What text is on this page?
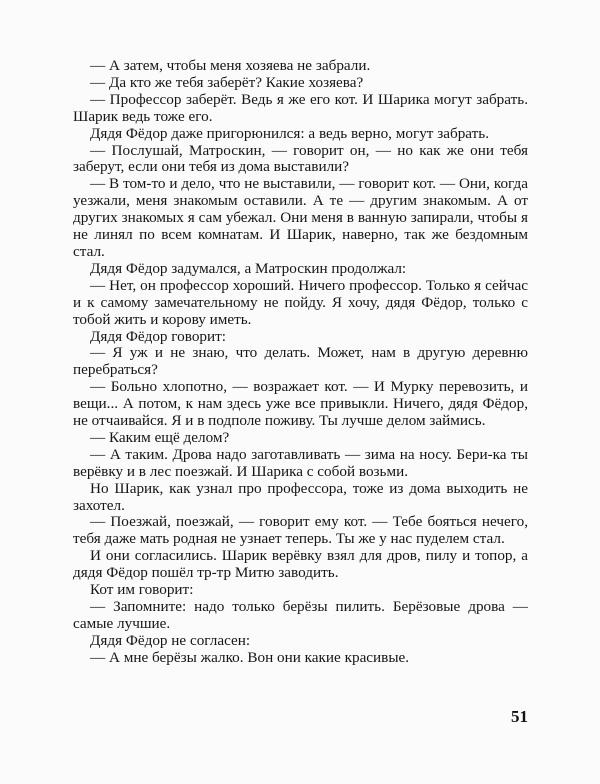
— А затем, чтобы меня хозяева не забрали.

— Да кто же тебя заберёт? Какие хозяева?

— Профессор заберёт. Ведь я же его кот. И Шарика могут забрать. Шарик ведь тоже его.

Дядя Фёдор даже пригорюнился: а ведь верно, могут забрать.

— Послушай, Матроскин, — говорит он, — но как же они тебя заберут, если они тебя из дома выставили?

— В том-то и дело, что не выставили, — говорит кот. — Они, когда уезжали, меня знакомым оставили. А те — другим знакомым. А от других знакомых я сам убежал. Они меня в ванную запирали, чтобы я не линял по всем комнатам. И Шарик, наверно, так же бездомным стал.

Дядя Фёдор задумался, а Матроскин продолжал:

— Нет, он профессор хороший. Ничего профессор. Только я сейчас и к самому замечательному не пойду. Я хочу, дядя Фёдор, только с тобой жить и корову иметь.

Дядя Фёдор говорит:

— Я уж и не знаю, что делать. Может, нам в другую деревню перебраться?

— Больно хлопотно, — возражает кот. — И Мурку перевозить, и вещи... А потом, к нам здесь уже все привыкли. Ничего, дядя Фёдор, не отчаивайся. Я и в подполе поживу. Ты лучше делом займись.

— Каким ещё делом?

— А таким. Дрова надо заготавливать — зима на носу. Бери-ка ты верёвку и в лес поезжай. И Шарика с собой возьми.

Но Шарик, как узнал про профессора, тоже из дома выходить не захотел.

— Поезжай, поезжай, — говорит ему кот. — Тебе бояться нечего, тебя даже мать родная не узнает теперь. Ты же у нас пуделем стал.

И они согласились. Шарик верёвку взял для дров, пилу и топор, а дядя Фёдор пошёл тр-тр Митю заводить.

Кот им говорит:

— Запомните: надо только берёзы пилить. Берёзовые дрова — самые лучшие.

Дядя Фёдор не согласен:

— А мне берёзы жалко. Вон они какие красивые.

51
